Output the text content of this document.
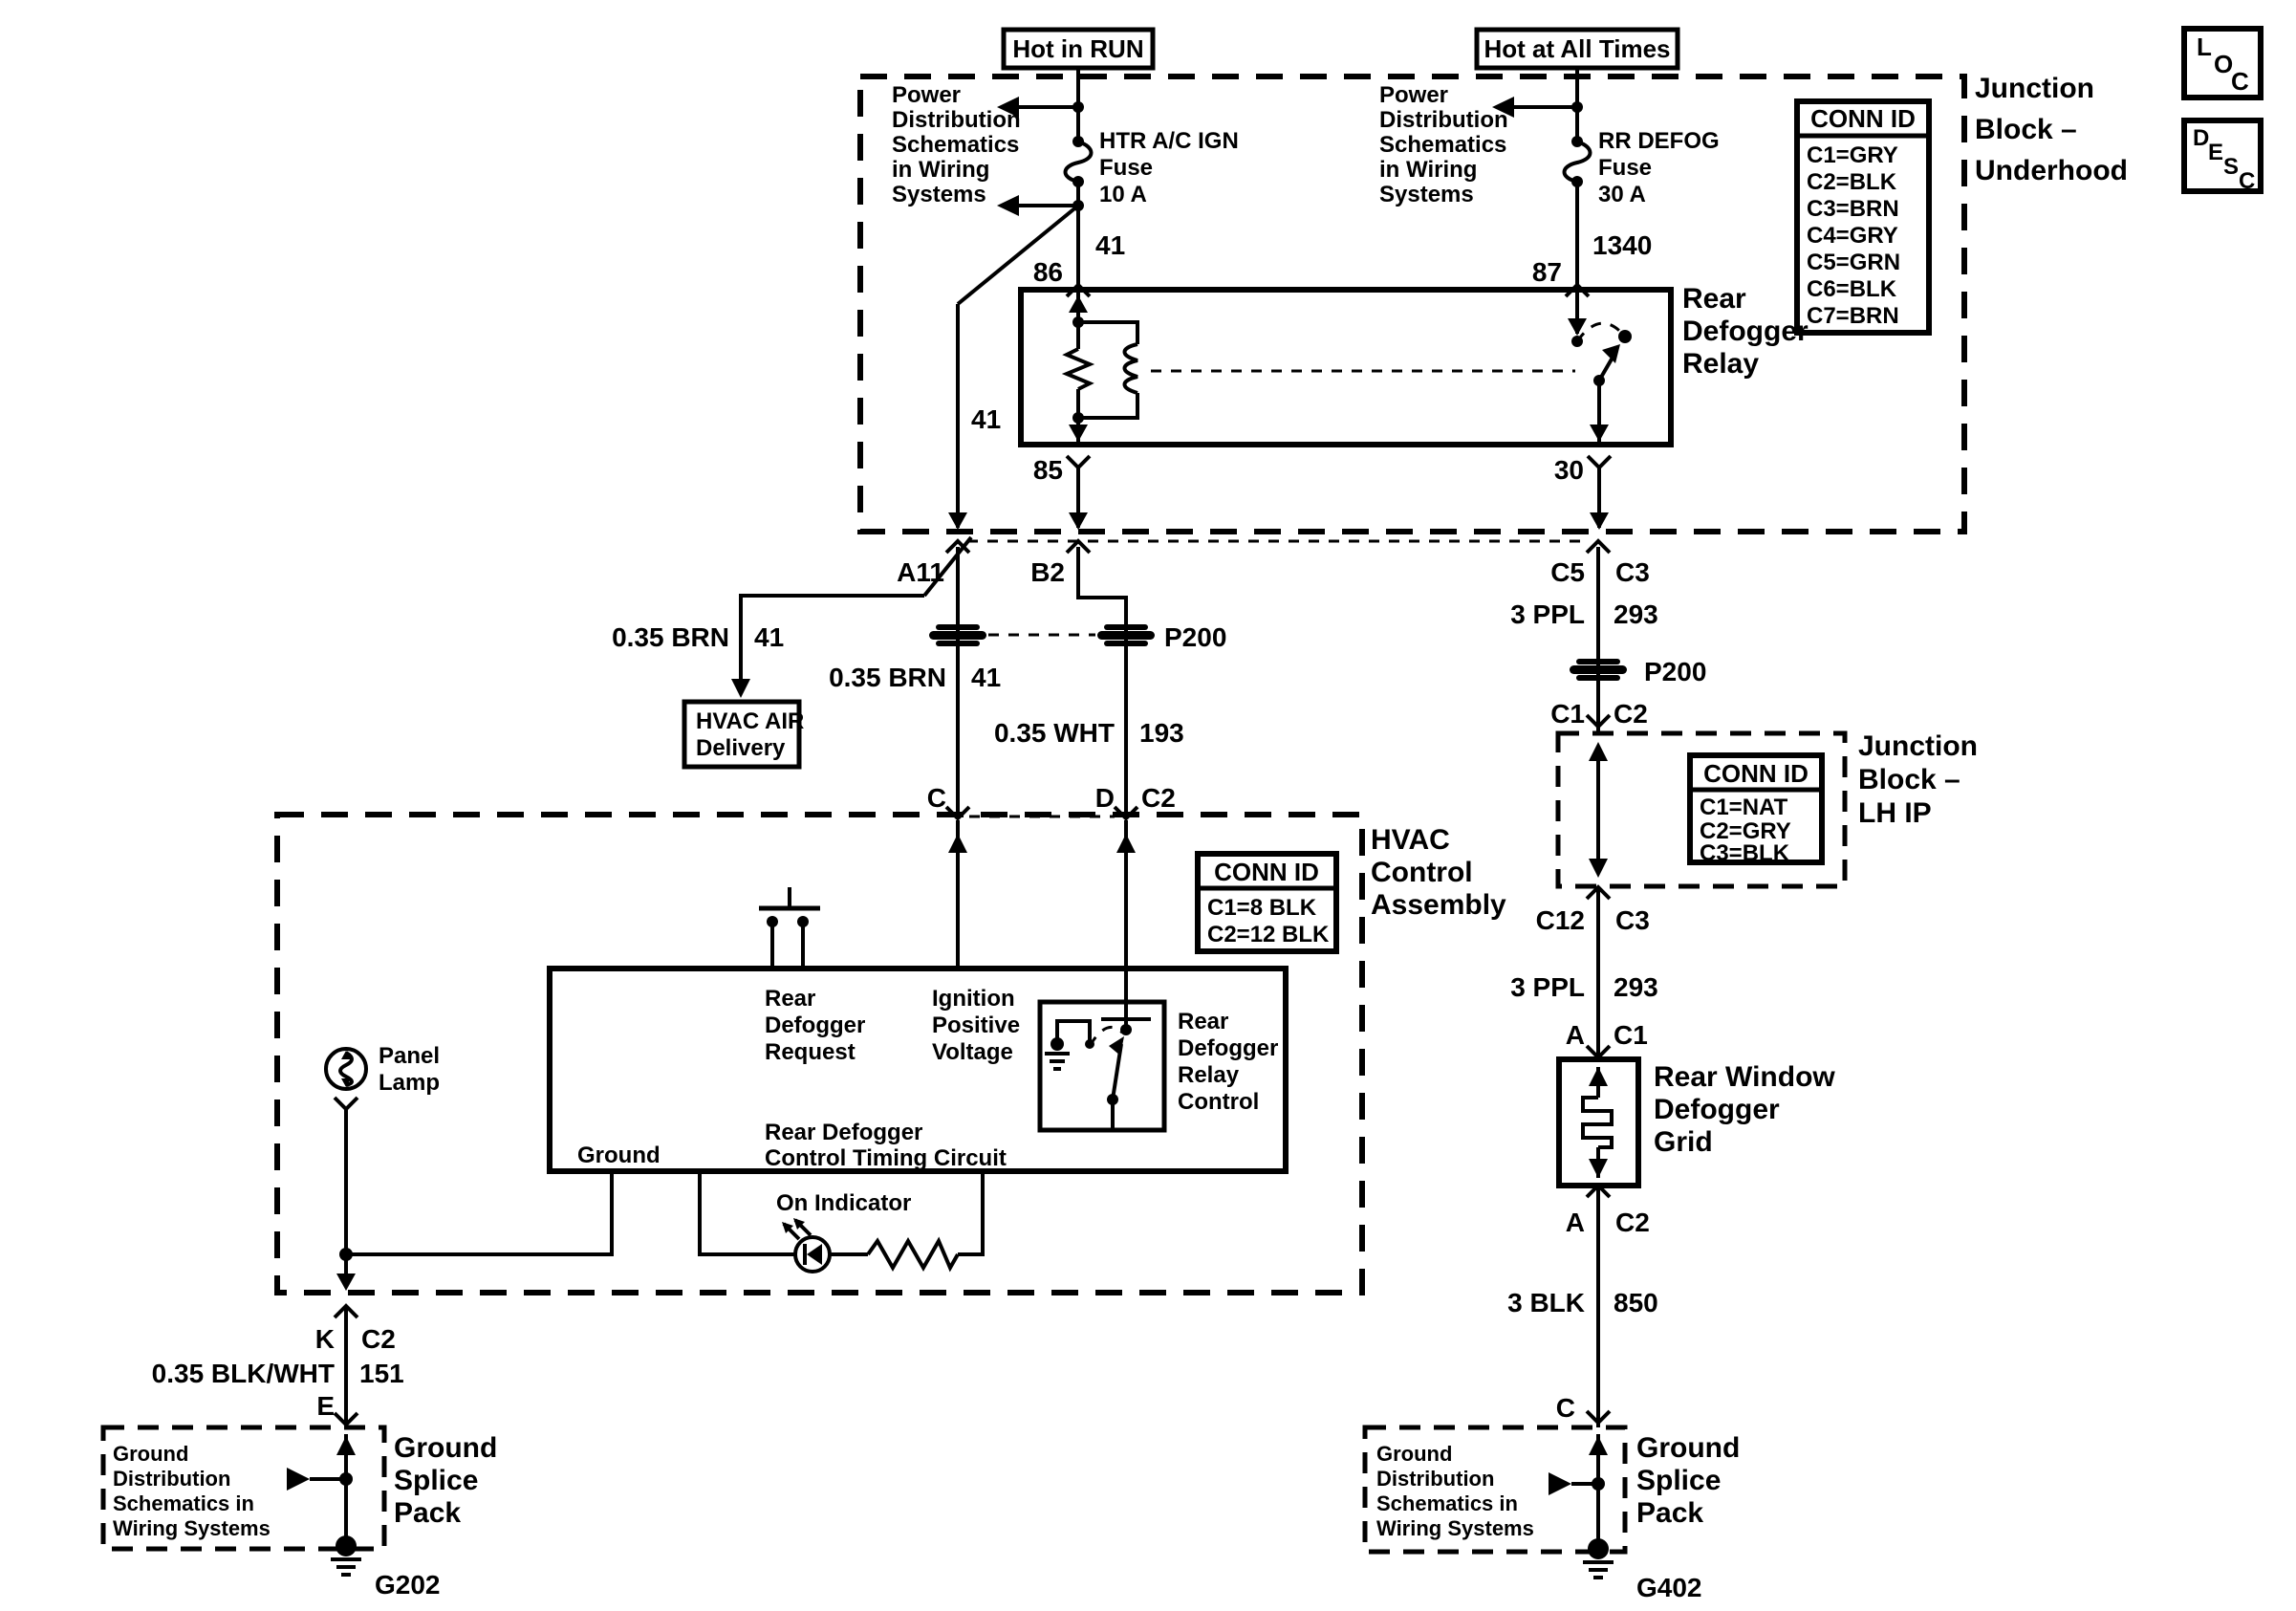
Junction
Block –
Underhood
CONN ID
C1=GRY
C2=BLK
C3=BRN
C4=GRY
C5=GRN
C6=BLK
C7=BRN
L
O
C
D
E
S
C
Hot in RUN	Hot at All Times
Power
Distribution
Schematics
in Wiring
Systems
HTR A/C IGN
Fuse
10 A
41
86
Power
Distribution
Schematics
in Wiring
Systems
RR DEFOG
Fuse
30 A
1340
87
Rear
Defogger
Relay
85	30
41
A11	B2	C5 C3
0.35 BRN 41
HVAC AIR
Delivery
P200
0.35 BRN 41
0.35 WHT 193
C	D C2
3 PPL 293
P200
C1 C2
CONN ID
C1=NAT
C2=GRY
C3=BLK
Junction
Block –
LH IP
C12 C3
3 PPL 293
A C1
Rear Window
Defogger
Grid
A C2
3 BLK 850
C
Ground
Distribution
Schematics in
Wiring Systems
G402
Ground
Splice
Pack
HVAC
Control
Assembly
CONN ID
C1=8 BLK
C2=12 BLK
Rear
Defogger
Request
Ignition
Positive
Voltage
Rear
Defogger
Relay
Control
Ground
Rear Defogger
Control Timing Circuit
On Indicator
Panel
Lamp
K C2
0.35 BLK/WHT 151
E
Ground
Distribution
Schematics in
Wiring Systems
G202
Ground
Splice
Pack
